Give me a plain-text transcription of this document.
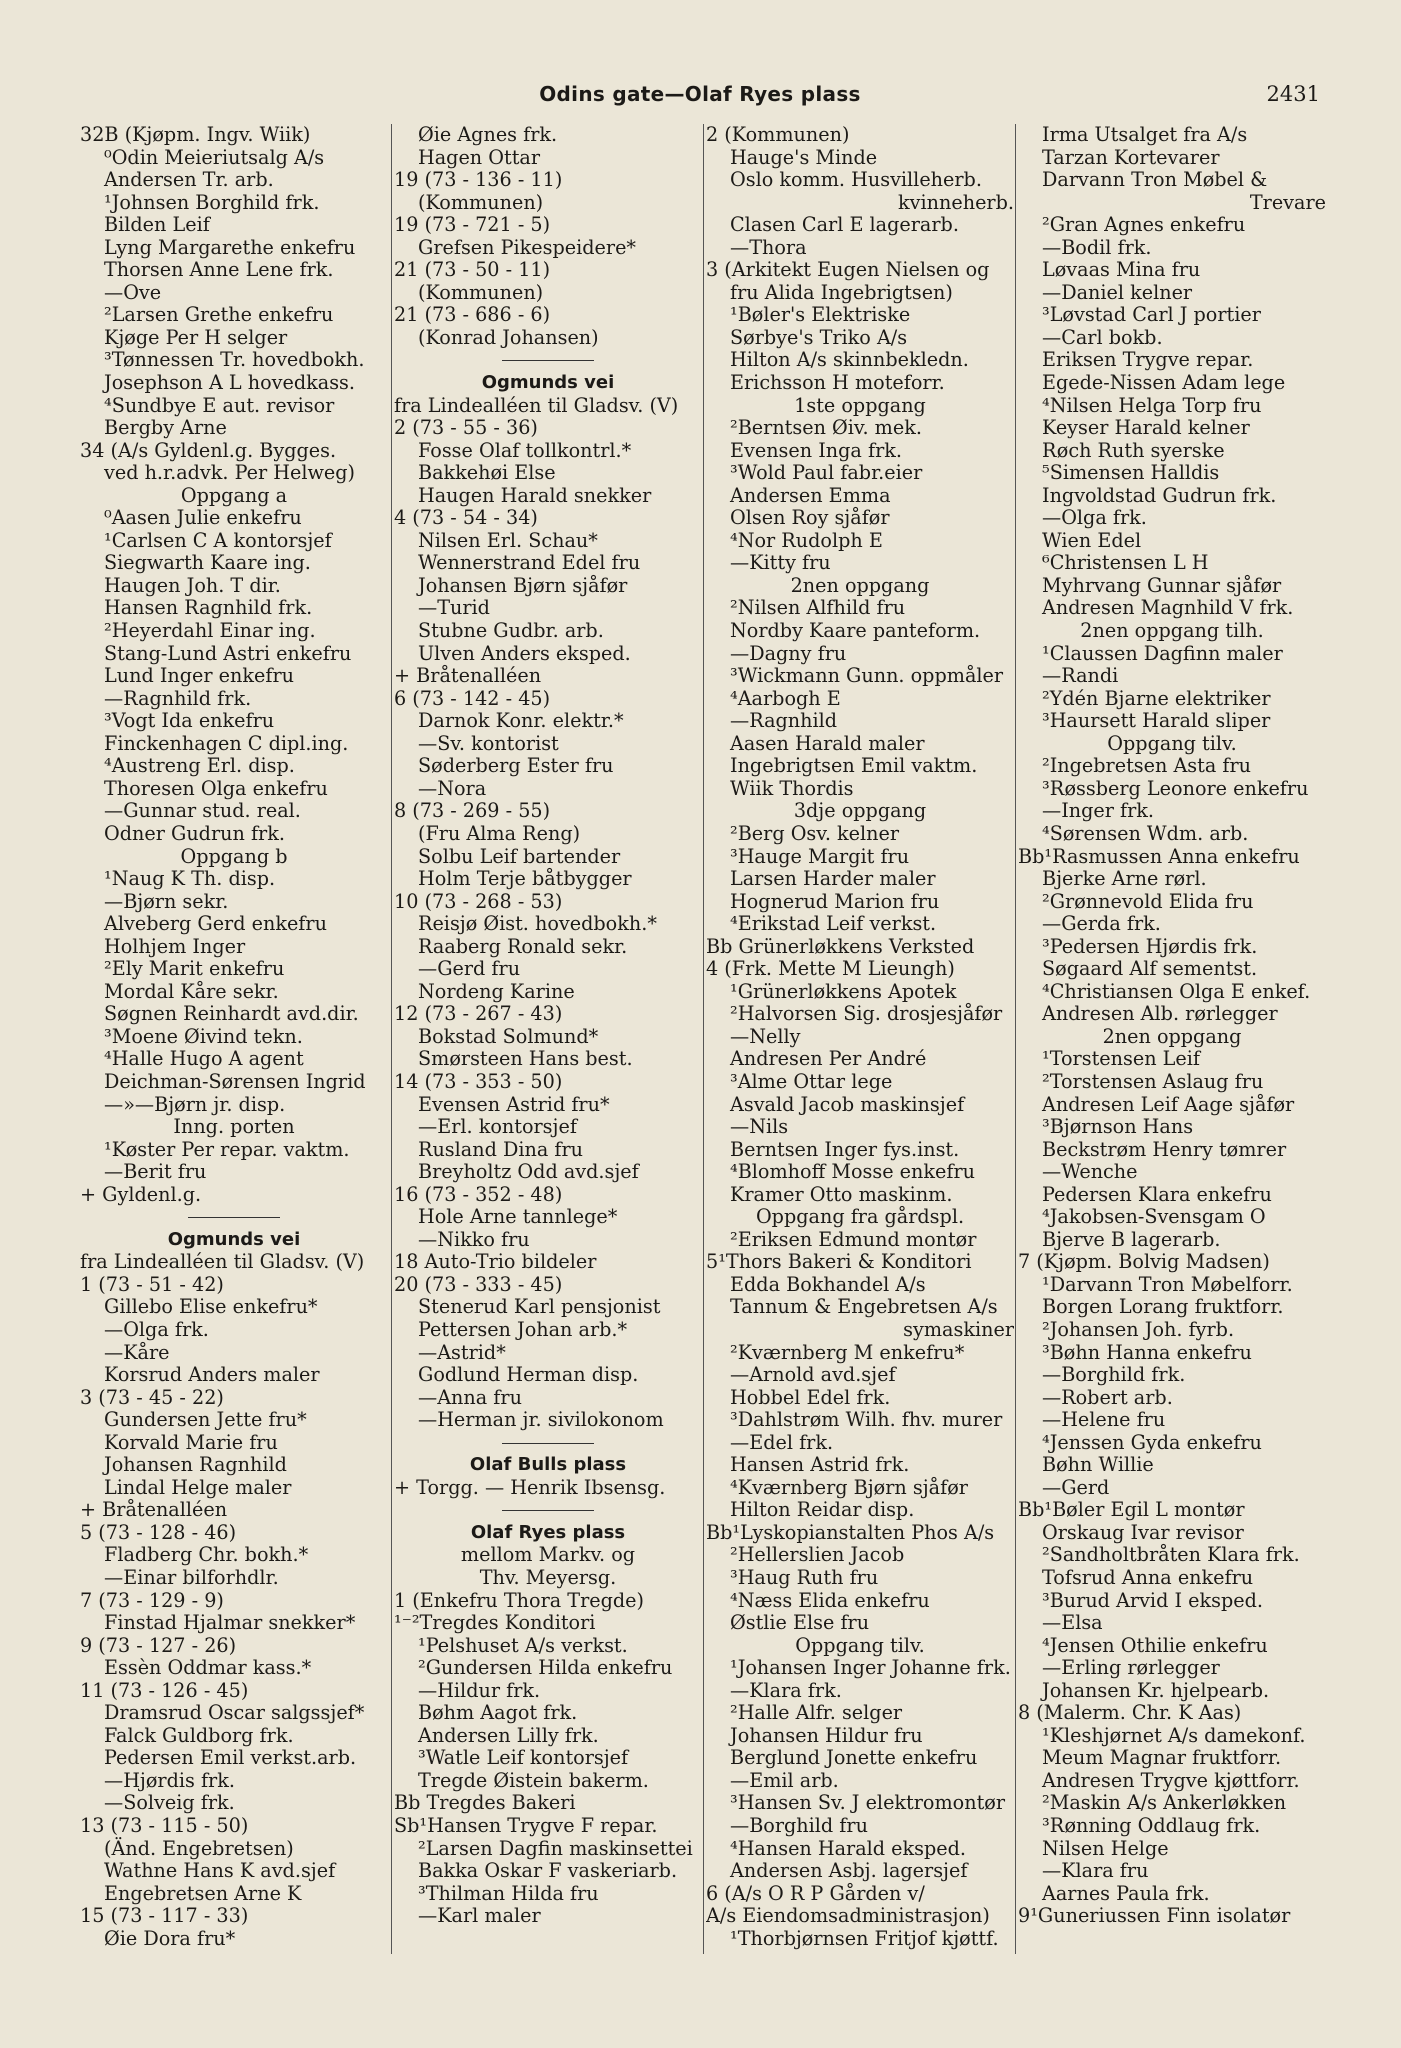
Odins gate—Olaf Ryes plass	2431
32B (Kjøpm. Ingv. Wiik)
⁰Odin Meieriutsalg A/s
Andersen Tr. arb.
¹Johnsen Borghild frk.
Bilden Leif
Lyng Margarethe enkefru
Thorsen Anne Lene frk.
—Ove
²Larsen Grethe enkefru
Kjøge Per H selger
³Tønnessen Tr. hovedbokh.
Josephson A L hovedkass.
⁴Sundbye E aut. revisor
Bergby Arne
34 (A/s Gyldenl.g. Bygges.
ved h.r.advk. Per Helweg)
Oppgang a
⁰Aasen Julie enkefru
¹Carlsen C A kontorsjef
Siegwarth Kaare ing.
Haugen Joh. T dir.
Hansen Ragnhild frk.
²Heyerdahl Einar ing.
Stang-Lund Astri enkefru
Lund Inger enkefru
—Ragnhild frk.
³Vogt Ida enkefru
Finckenhagen C dipl.ing.
⁴Austreng Erl. disp.
Thoresen Olga enkefru
—Gunnar stud. real.
Odner Gudrun frk.
Oppgang b
¹Naug K Th. disp.
—Bjørn sekr.
Alveberg Gerd enkefru
Holhjem Inger
²Ely Marit enkefru
Mordal Kåre sekr.
Søgnen Reinhardt avd.dir.
³Moene Øivind tekn.
⁴Halle Hugo A agent
Deichman-Sørensen Ingrid
—»—Bjørn jr. disp.
Inng. porten
¹Køster Per repar. vaktm.
—Berit fru
+ Gyldenl.g.
Ogmunds vei
fra Lindealléen til Gladsv. (V)
1 (73 - 51 - 42)
Gillebo Elise enkefru*
—Olga frk.
—Kåre
Korsrud Anders maler
3 (73 - 45 - 22)
Gundersen Jette fru*
Korvald Marie fru
Johansen Ragnhild
Lindal Helge maler
+ Bråtenalléen
5 (73 - 128 - 46)
Fladberg Chr. bokh.*
—Einar bilforhdlr.
7 (73 - 129 - 9)
Finstad Hjalmar snekker*
9 (73 - 127 - 26)
Essèn Oddmar kass.*
11 (73 - 126 - 45)
Dramsrud Oscar salgssjef*
Falck Guldborg frk.
Pedersen Emil verkst.arb.
—Hjørdis frk.
—Solveig frk.
13 (73 - 115 - 50)
(Änd. Engebretsen)
Wathne Hans K avd.sjef
Engebretsen Arne K
15 (73 - 117 - 33)
Øie Dora fru*
Øie Agnes frk.
Hagen Ottar
19 (73 - 136 - 11)
(Kommunen)
19 (73 - 721 - 5)
Grefsen Pikespeidere*
21 (73 - 50 - 11)
(Kommunen)
21 (73 - 686 - 6)
(Konrad Johansen)
Ogmunds vei
fra Lindealléen til Gladsv. (V)
2 (73 - 55 - 36)
Fosse Olaf tollkontrl.*
Bakkehøi Else
Haugen Harald snekker
4 (73 - 54 - 34)
Nilsen Erl. Schau*
Wennerstrand Edel fru
Johansen Bjørn sjåfør
—Turid
Stubne Gudbr. arb.
Ulven Anders eksped.
+ Bråtenalléen
6 (73 - 142 - 45)
Darnok Konr. elektr.*
—Sv. kontorist
Søderberg Ester fru
—Nora
8 (73 - 269 - 55)
(Fru Alma Reng)
Solbu Leif bartender
Holm Terje båtbygger
10 (73 - 268 - 53)
Reisjø Øist. hovedbokh.*
Raaberg Ronald sekr.
—Gerd fru
Nordeng Karine
12 (73 - 267 - 43)
Bokstad Solmund*
Smørsteen Hans best.
14 (73 - 353 - 50)
Evensen Astrid fru*
—Erl. kontorsjef
Rusland Dina fru
Breyholtz Odd avd.sjef
16 (73 - 352 - 48)
Hole Arne tannlege*
—Nikko fru
18 Auto-Trio bildeler
20 (73 - 333 - 45)
Stenerud Karl pensjonist
Pettersen Johan arb.*
—Astrid*
Godlund Herman disp.
—Anna fru
—Herman jr. sivilokonom
Olaf Bulls plass
+ Torgg. — Henrik Ibsensg.
Olaf Ryes plass
mellom Markv. og
Thv. Meyersg.
1 (Enkefru Thora Tregde)
¹⁻²Tregdes Konditori
¹Pelshuset A/s verkst.
²Gundersen Hilda enkefru
—Hildur frk.
Bøhm Aagot frk.
Andersen Lilly frk.
³Watle Leif kontorsjef
Tregde Øistein bakerm.
Bb Tregdes Bakeri
Sb¹Hansen Trygve F repar.
²Larsen Dagfin maskinsettei
Bakka Oskar F vaskeriarb.
³Thilman Hilda fru
—Karl maler
2 (Kommunen)
Hauge's Minde
Oslo komm. Husvilleherb.
kvinneherb.
Clasen Carl E lagerarb.
—Thora
3 (Arkitekt Eugen Nielsen og
fru Alida Ingebrigtsen)
¹Bøler's Elektriske
Sørbye's Triko A/s
Hilton A/s skinnbekledn.
Erichsson H moteforr.
1ste oppgang
²Berntsen Øiv. mek.
Evensen Inga frk.
³Wold Paul fabr.eier
Andersen Emma
Olsen Roy sjåfør
⁴Nor Rudolph E
—Kitty fru
2nen oppgang
²Nilsen Alfhild fru
Nordby Kaare panteform.
—Dagny fru
³Wickmann Gunn. oppmåler
⁴Aarbogh E
—Ragnhild
Aasen Harald maler
Ingebrigtsen Emil vaktm.
Wiik Thordis
3dje oppgang
²Berg Osv. kelner
³Hauge Margit fru
Larsen Harder maler
Hognerud Marion fru
⁴Erikstad Leif verkst.
Bb Grünerløkkens Verksted
4 (Frk. Mette M Lieungh)
¹Grünerløkkens Apotek
²Halvorsen Sig. drosjesjåfør
—Nelly
Andresen Per André
³Alme Ottar lege
Asvald Jacob maskinsjef
—Nils
Berntsen Inger fys.inst.
⁴Blomhoff Mosse enkefru
Kramer Otto maskinm.
Oppgang fra gårdspl.
²Eriksen Edmund montør
5¹Thors Bakeri & Konditori
Edda Bokhandel A/s
Tannum & Engebretsen A/s
symaskiner
²Kværnberg M enkefru*
—Arnold avd.sjef
Hobbel Edel frk.
³Dahlstrøm Wilh. fhv. murer
—Edel frk.
Hansen Astrid frk.
⁴Kværnberg Bjørn sjåfør
Hilton Reidar disp.
Bb¹Lyskopianstalten Phos A/s
²Hellerslien Jacob
³Haug Ruth fru
⁴Næss Elida enkefru
Østlie Else fru
Oppgang tilv.
¹Johansen Inger Johanne frk.
—Klara frk.
²Halle Alfr. selger
Johansen Hildur fru
Berglund Jonette enkefru
—Emil arb.
³Hansen Sv. J elektromontør
—Borghild fru
⁴Hansen Harald eksped.
Andersen Asbj. lagersjef
6 (A/s O R P Gården v/
A/s Eiendomsadministrasjon)
¹Thorbjørnsen Fritjof kjøttf.
Irma Utsalget fra A/s
Tarzan Kortevarer
Darvann Tron Møbel &
Trevare
²Gran Agnes enkefru
—Bodil frk.
Løvaas Mina fru
—Daniel kelner
³Løvstad Carl J portier
—Carl bokb.
Eriksen Trygve repar.
Egede-Nissen Adam lege
⁴Nilsen Helga Torp fru
Keyser Harald kelner
Røch Ruth syerske
⁵Simensen Halldis
Ingvoldstad Gudrun frk.
—Olga frk.
Wien Edel
⁶Christensen L H
Myhrvang Gunnar sjåfør
Andresen Magnhild V frk.
2nen oppgang tilh.
¹Claussen Dagfinn maler
—Randi
²Ydén Bjarne elektriker
³Haursett Harald sliper
Oppgang tilv.
²Ingebretsen Asta fru
³Røssberg Leonore enkefru
—Inger frk.
⁴Sørensen Wdm. arb.
Bb¹Rasmussen Anna enkefru
Bjerke Arne rørl.
²Grønnevold Elida fru
—Gerda frk.
³Pedersen Hjørdis frk.
Søgaard Alf sementst.
⁴Christiansen Olga E enkef.
Andresen Alb. rørlegger
2nen oppgang
¹Torstensen Leif
²Torstensen Aslaug fru
Andresen Leif Aage sjåfør
³Bjørnson Hans
Beckstrøm Henry tømrer
—Wenche
Pedersen Klara enkefru
⁴Jakobsen-Svensgam O
Bjerve B lagerarb.
7 (Kjøpm. Bolvig Madsen)
¹Darvann Tron Møbelforr.
Borgen Lorang fruktforr.
²Johansen Joh. fyrb.
³Bøhn Hanna enkefru
—Borghild frk.
—Robert arb.
—Helene fru
⁴Jenssen Gyda enkefru
Bøhn Willie
—Gerd
Bb¹Bøler Egil L montør
Orskaug Ivar revisor
²Sandholtbråten Klara frk.
Tofsrud Anna enkefru
³Burud Arvid I eksped.
—Elsa
⁴Jensen Othilie enkefru
—Erling rørlegger
Johansen Kr. hjelpearb.
8 (Malerm. Chr. K Aas)
¹Kleshjørnet A/s damekonf.
Meum Magnar fruktforr.
Andresen Trygve kjøttforr.
²Maskin A/s Ankerløkken
³Rønning Oddlaug frk.
Nilsen Helge
—Klara fru
Aarnes Paula frk.
9¹Guneriussen Finn isolatør
